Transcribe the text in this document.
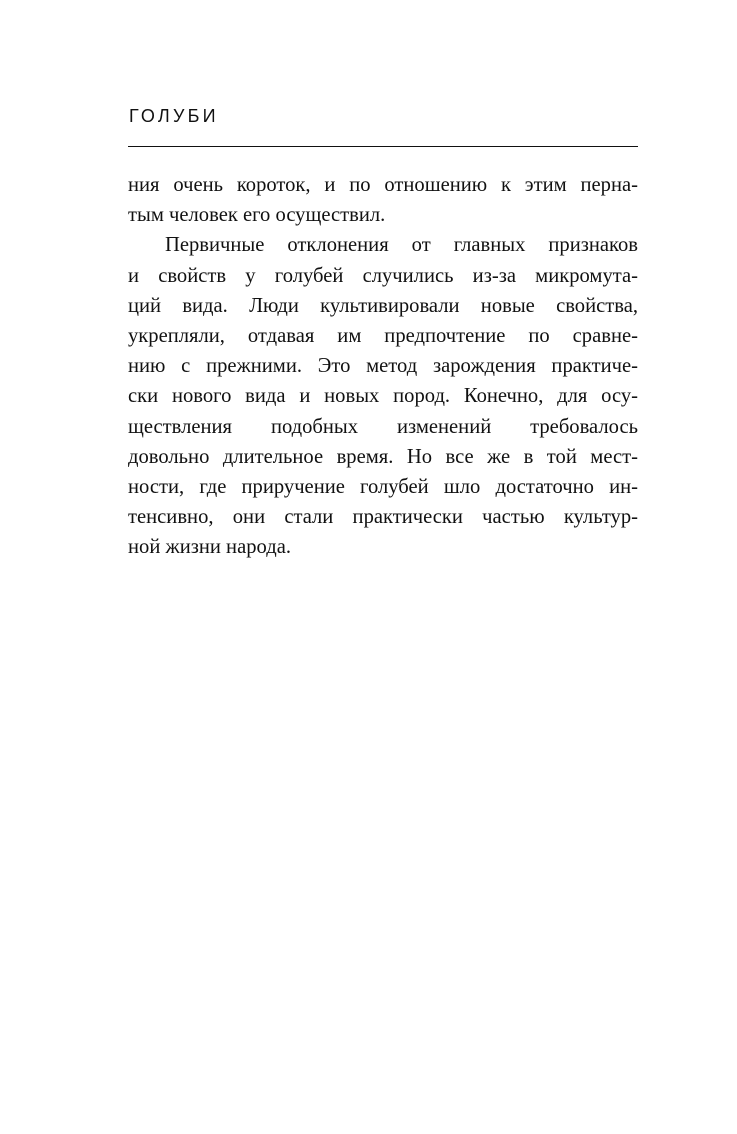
ГОЛУБИ
ния очень короток, и по отношению к этим перна-
тым человек его осуществил.
Первичные отклонения от главных признаков
и свойств у голубей случились из-за микромута-
ций вида. Люди культивировали новые свойства,
укрепляли, отдавая им предпочтение по сравне-
нию с прежними. Это метод зарождения практиче-
ски нового вида и новых пород. Конечно, для осу-
ществления подобных изменений требовалось
довольно длительное время. Но все же в той мест-
ности, где приручение голубей шло достаточно ин-
тенсивно, они стали практически частью культур-
ной жизни народа.
